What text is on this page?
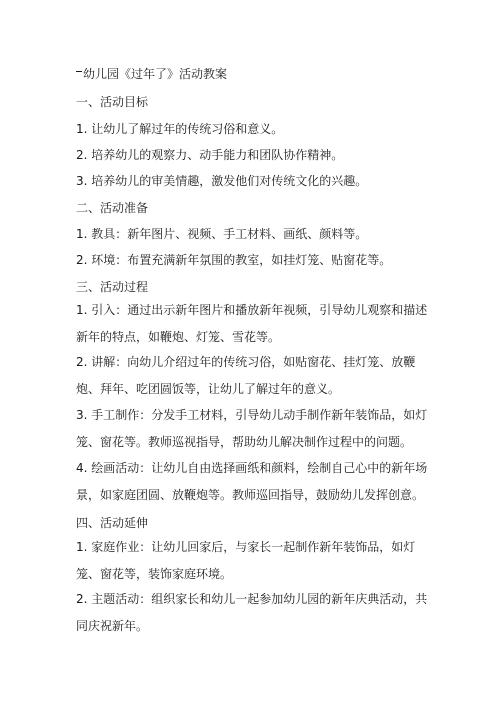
幼儿园《过年了》活动教案
一、活动目标
1. 让幼儿了解过年的传统习俗和意义。
2. 培养幼儿的观察力、动手能力和团队协作精神。
3. 培养幼儿的审美情趣，激发他们对传统文化的兴趣。
二、活动准备
1. 教具：新年图片、视频、手工材料、画纸、颜料等。
2. 环境：布置充满新年氛围的教室，如挂灯笼、贴窗花等。
三、活动过程
1. 引入：通过出示新年图片和播放新年视频，引导幼儿观察和描述新年的特点，如鞭炮、灯笼、雪花等。
2. 讲解：向幼儿介绍过年的传统习俗，如贴窗花、挂灯笼、放鞭炮、拜年、吃团圆饭等，让幼儿了解过年的意义。
3. 手工制作：分发手工材料，引导幼儿动手制作新年装饰品，如灯笼、窗花等。教师巡视指导，帮助幼儿解决制作过程中的问题。
4. 绘画活动：让幼儿自由选择画纸和颜料，绘制自己心中的新年场景，如家庭团圆、放鞭炮等。教师巡回指导，鼓励幼儿发挥创意。
四、活动延伸
1. 家庭作业：让幼儿回家后，与家长一起制作新年装饰品，如灯笼、窗花等，装饰家庭环境。
2. 主题活动：组织家长和幼儿一起参加幼儿园的新年庆典活动，共同庆祝新年。
